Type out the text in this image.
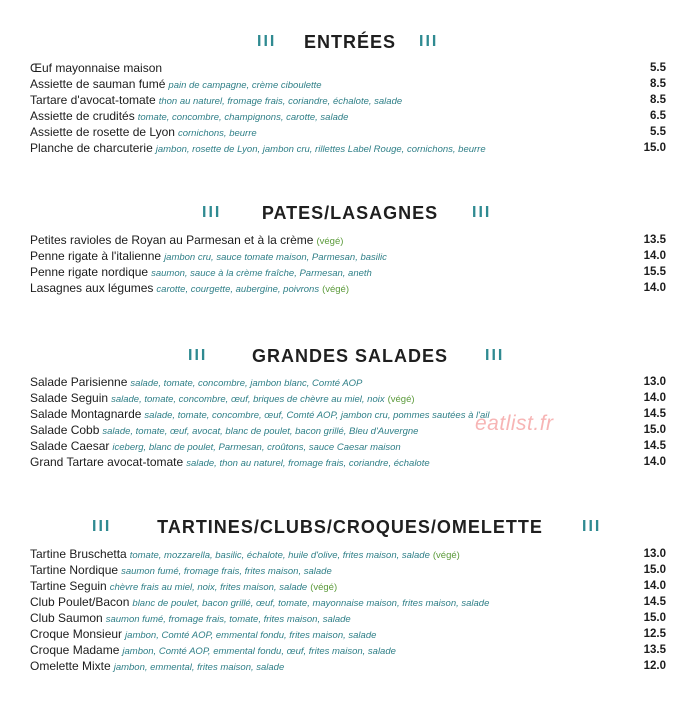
ENTRÉES
III	III
Œuf mayonnaise maison	5.5
Assiette de sauman fumé pain de campagne, crème ciboulette	8.5
Tartare d'avocat-tomate thon au naturel, fromage frais, coriandre, échalote, salade	8.5
Assiette de crudités tomate, concombre, champignons, carotte, salade	6.5
Assiette de rosette de Lyon cornichons, beurre	5.5
Planche de charcuterie jambon, rosette de Lyon, jambon cru, rillettes Label Rouge, cornichons, beurre	15.0
PATES/LASAGNES
III	III
Petites ravioles de Royan au Parmesan et à la crème (végé)	13.5
Penne rigate à l'italienne jambon cru, sauce tomate maison, Parmesan, basilic	14.0
Penne rigate nordique saumon, sauce à la crème fraîche, Parmesan, aneth	15.5
Lasagnes aux légumes carotte, courgette, aubergine, poivrons (végé)	14.0
GRANDES SALADES
III	III
Salade Parisienne salade, tomate, concombre, jambon blanc, Comté AOP	13.0
Salade Seguin salade, tomate, concombre, œuf, briques de chèvre au miel, noix (végé)	14.0
Salade Montagnarde salade, tomate, concombre, œuf, Comté AOP, jambon cru, pommes sautées à l'ail	14.5
Salade Cobb salade, tomate, œuf, avocat, blanc de poulet, bacon grillé, Bleu d'Auvergne	15.0
Salade Caesar iceberg, blanc de poulet, Parmesan, croûtons, sauce Caesar maison	14.5
Grand Tartare avocat-tomate salade, thon au naturel, fromage frais, coriandre, échalote	14.0
TARTINES/CLUBS/CROQUES/OMELETTE
III	III
Tartine Bruschetta tomate, mozzarella, basilic, échalote, huile d'olive, frites maison, salade (végé)	13.0
Tartine Nordique saumon fumé, fromage frais, frites maison, salade	15.0
Tartine Seguin chèvre frais au miel, noix, frites maison, salade (végé)	14.0
Club Poulet/Bacon blanc de poulet, bacon grillé, œuf, tomate, mayonnaise maison, frites maison, salade	14.5
Club Saumon saumon fumé, fromage frais, tomate, frites maison, salade	15.0
Croque Monsieur jambon, Comté AOP, emmental fondu, frites maison, salade	12.5
Croque Madame jambon, Comté AOP, emmental fondu, œuf, frites maison, salade	13.5
Omelette Mixte jambon, emmental, frites maison, salade	12.0
eatlist.fr
